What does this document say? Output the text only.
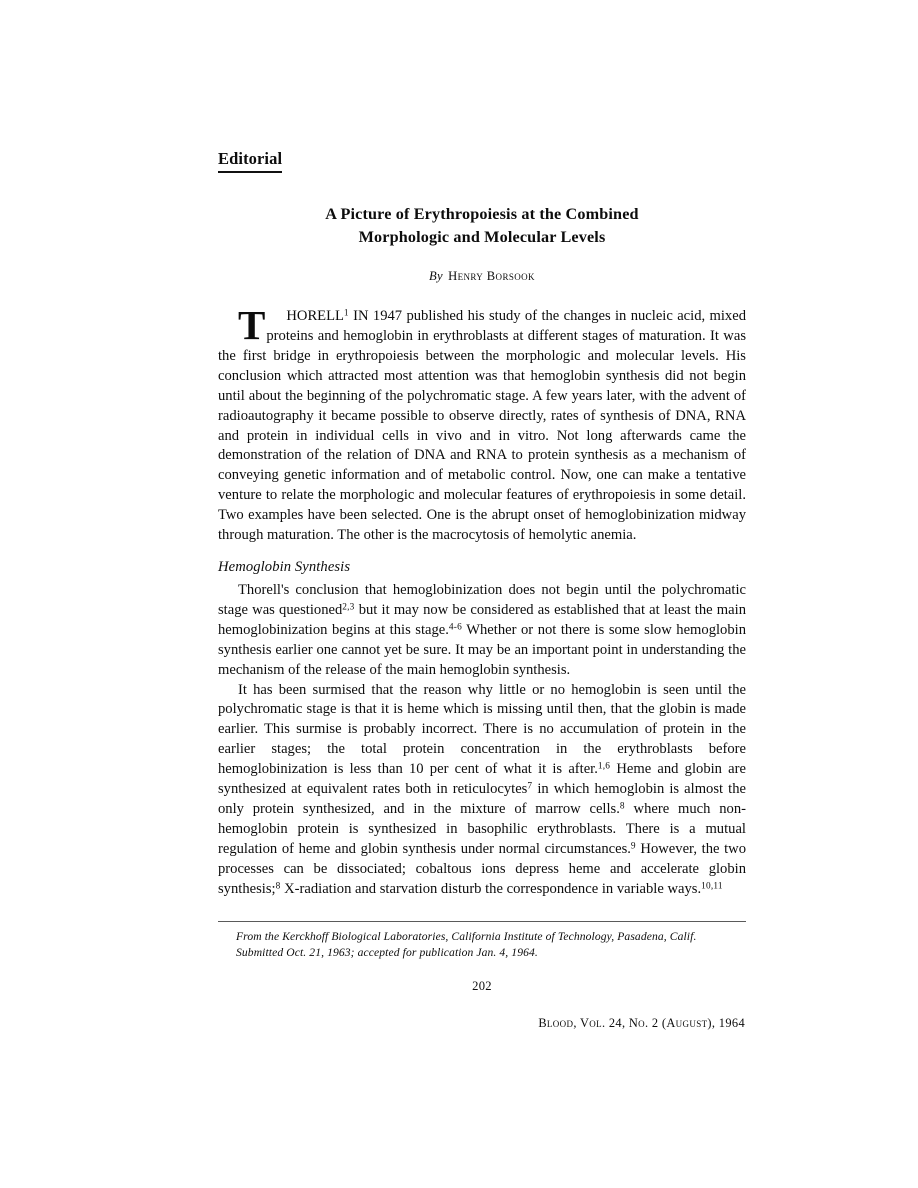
Editorial
A Picture of Erythropoiesis at the Combined
Morphologic and Molecular Levels
By Henry Borsook

T HORELL$^1$ IN 1947 published his study of the changes in nucleic acid, mixed proteins and hemoglobin in erythroblasts at different stages of maturation. It was the first bridge in erythropoiesis between the morphologic and molecular levels. His conclusion which attracted most attention was that hemoglobin synthesis did not begin until about the beginning of the polychromatic stage. A few years later, with the advent of radioautography it became possible to observe directly, rates of synthesis of DNA, RNA and protein in individual cells in vivo and in vitro. Not long afterwards came the demonstration of the relation of DNA and RNA to protein synthesis as a mechanism of conveying genetic information and of metabolic control. Now, one can make a tentative venture to relate the morphologic and molecular features of erythropoiesis in some detail. Two examples have been selected. One is the abrupt onset of hemoglobinization midway through maturation. The other is the macrocytosis of hemolytic anemia.

Hemoglobin Synthesis

Thorell's conclusion that hemoglobinization does not begin until the polychromatic stage was questioned$^{2,3}$ but it may now be considered as established that at least the main hemoglobinization begins at this stage.$^{4-6}$ Whether or not there is some slow hemoglobin synthesis earlier one cannot yet be sure. It may be an important point in understanding the mechanism of the release of the main hemoglobin synthesis.

It has been surmised that the reason why little or no hemoglobin is seen until the polychromatic stage is that it is heme which is missing until then, that the globin is made earlier. This surmise is probably incorrect. There is no accumulation of protein in the earlier stages; the total protein concentration in the erythroblasts before hemoglobinization is less than 10 per cent of what it is after.$^{1,6}$ Heme and globin are synthesized at equivalent rates both in reticulocytes$^7$ in which hemoglobin is almost the only protein synthesized, and in the mixture of marrow cells.$^8$ where much non-hemoglobin protein is synthesized in basophilic erythroblasts. There is a mutual regulation of heme and globin synthesis under normal circumstances.$^9$ However, the two processes can be dissociated; cobaltous ions depress heme and accelerate globin synthesis;$^8$ X-radiation and starvation disturb the correspondence in variable ways.$^{10,11}$

From the Kerckhoff Biological Laboratories, California Institute of Technology, Pasadena, Calif.

Submitted Oct. 21, 1963; accepted for publication Jan. 4, 1964.

202
Blood, Vol. 24, No. 2 (August), 1964
